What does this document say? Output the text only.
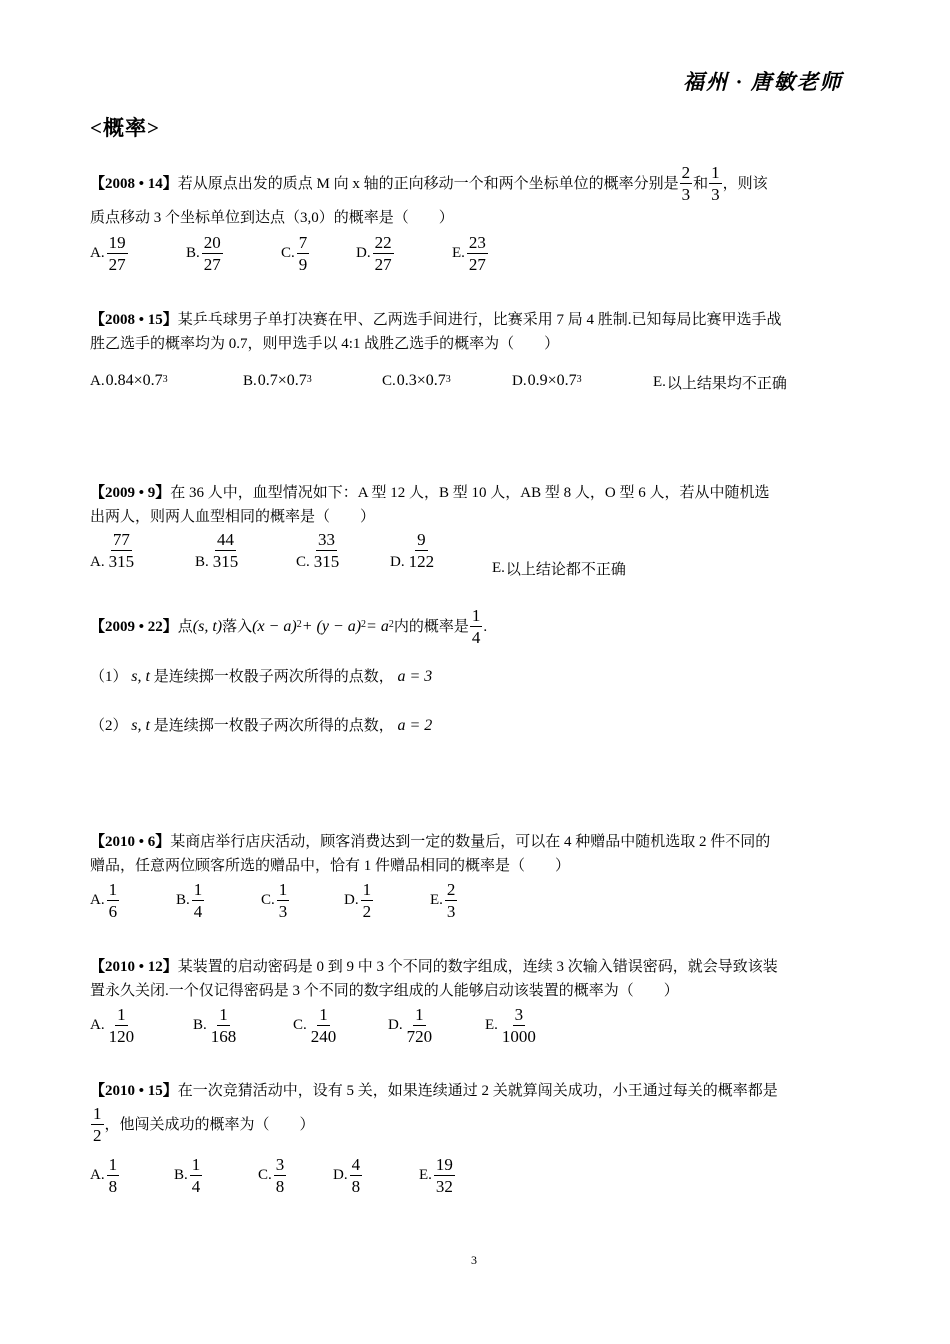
福州 · 唐敏老师
<概率>
【2008 • 14】 若从原点出发的质点 M 向 x 轴的正向移动一个和两个坐标单位的概率分别是 $\frac{2}{3}$ 和 $\frac{1}{3}$ ，则该
质点移动 3 个坐标单位到达点（3,0）的概率是（　　）
A. $\frac{19}{27}$	B. $\frac{20}{27}$	C. $\frac{7}{9}$	D. $\frac{22}{27}$	E. $\frac{23}{27}$
【2008 • 15】某乒乓球男子单打决赛在甲、乙两选手间进行，比赛采用 7 局 4 胜制.已知每局比赛甲选手战
胜乙选手的概率均为 0.7，则甲选手以 4:1 战胜乙选手的概率为（　　）
A. $0.84\times 0.7^3$	B. $0.7\times 0.7^3$	C. $0.3\times 0.7^3$	D. $0.9\times 0.7^3$	E. 以上结果均不正确
【2009 • 9】在 36 人中，血型情况如下：A 型 12 人，B 型 10 人，AB 型 8 人，O 型 6 人，若从中随机选
出两人，则两人血型相同的概率是（　　）
A. $\frac{77}{315}$	B. $\frac{44}{315}$	C. $\frac{33}{315}$	D. $\frac{9}{122}$	E. 以上结论都不正确
【2009 • 22】 点 (s, t) 落入 $(x - a)^2 + (y - a)^2 = a^2$ 内的概率是 $\frac{1}{4}$ .
（1） s, t 是连续掷一枚骰子两次所得的点数， a = 3
（2） s, t 是连续掷一枚骰子两次所得的点数， a = 2
【2010 • 6】某商店举行店庆活动，顾客消费达到一定的数量后，可以在 4 种赠品中随机选取 2 件不同的
赠品，任意两位顾客所选的赠品中，恰有 1 件赠品相同的概率是（　　）
A. $\frac{1}{6}$	B. $\frac{1}{4}$	C. $\frac{1}{3}$	D. $\frac{1}{2}$	E. $\frac{2}{3}$
【2010 • 12】某装置的启动密码是 0 到 9 中 3 个不同的数字组成，连续 3 次输入错误密码，就会导致该装
置永久关闭.一个仅记得密码是 3 个不同的数字组成的人能够启动该装置的概率为（　　）
A. $\frac{1}{120}$	B. $\frac{1}{168}$	C. $\frac{1}{240}$	D. $\frac{1}{720}$	E. $\frac{3}{1000}$
【2010 • 15】在一次竞猜活动中，设有 5 关，如果连续通过 2 关就算闯关成功，小王通过每关的概率都是
$\frac{1}{2}$ ，他闯关成功的概率为（　　）
A. $\frac{1}{8}$	B. $\frac{1}{4}$	C. $\frac{3}{8}$	D. $\frac{4}{8}$	E. $\frac{19}{32}$
3
